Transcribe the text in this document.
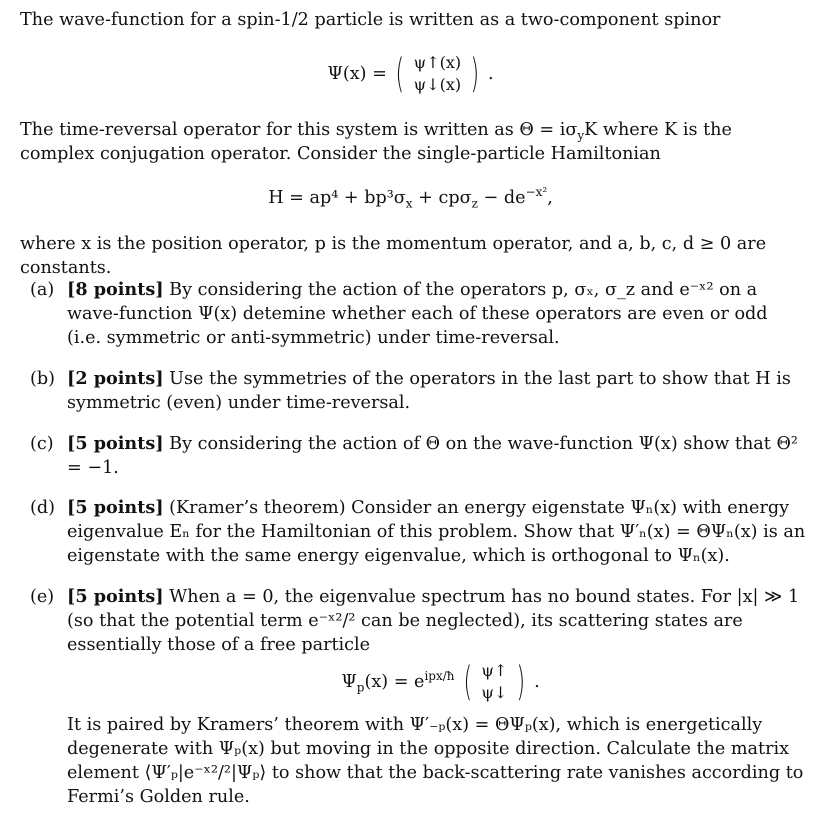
The wave-function for a spin-1/2 particle is written as a two-component spinor

Ψ(x) = ( ψ↑(x)
ψ↓(x) ) .

The time-reversal operator for this system is written as $\Theta = i\sigma_yK$ where K is the complex conjugation operator. Consider the single-particle Hamiltonian

$H = ap^4 + bp^3\sigma_x + cp\sigma_z - de^{-x^2}$,

where x is the position operator, p is the momentum operator, and a, b, c, d ≥ 0 are constants.

(a) [8 points] By considering the action of the operators p, σₓ, σ_z and e⁻ˣ² on a wave-function Ψ(x) detemine whether each of these operators are even or odd (i.e. symmetric or anti-symmetric) under time-reversal.
(b) [2 points] Use the symmetries of the operators in the last part to show that H is symmetric (even) under time-reversal.
(c) [5 points] By considering the action of Θ on the wave-function Ψ(x) show that Θ² = −1.
(d) [5 points] (Kramer’s theorem) Consider an energy eigenstate Ψₙ(x) with energy eigenvalue Eₙ for the Hamiltonian of this problem. Show that Ψ′ₙ(x) = ΘΨₙ(x) is an eigenstate with the same energy eigenvalue, which is orthogonal to Ψₙ(x).
(e) [5 points] When a = 0, the eigenvalue spectrum has no bound states. For |x| ≫ 1 (so that the potential term e⁻ˣ²/² can be neglected), its scattering states are essentially those of a free particle
$\Psi_p(x) = e^{ipx/ħ}$ ( ψ↑
ψ↓ ) .

It is paired by Kramers’ theorem with Ψ′₋ₚ(x) = ΘΨₚ(x), which is energetically degenerate with Ψₚ(x) but moving in the opposite direction. Calculate the matrix element ⟨Ψ′ₚ|e⁻ˣ²/²|Ψₚ⟩ to show that the back-scattering rate vanishes according to Fermi’s Golden rule.
